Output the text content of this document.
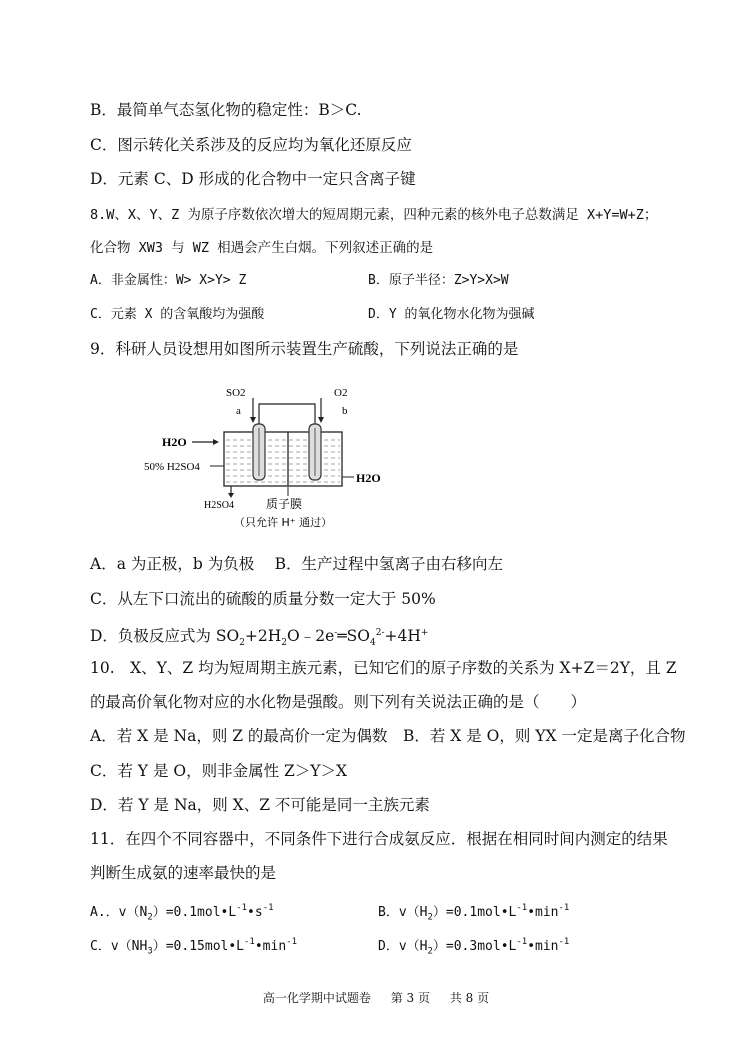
B．最简单气态氢化物的稳定性：B＞C.
C．图示转化关系涉及的反应均为氧化还原反应
D．元素 C、D 形成的化合物中一定只含离子键
8.W、X、Y、Z 为原子序数依次增大的短周期元素，四种元素的核外电子总数满足 X+Y=W+Z；
化合物 XW3 与 WZ 相遇会产生白烟。下列叙述正确的是
A．非金属性：W> X>Y> Z	B．原子半径：Z>Y>X>W
C．元素 X 的含氧酸均为强酸	D．Y 的氧化物水化物为强碱
9．科研人员设想用如图所示装置生产硫酸，下列说法正确的是
SO2	O2
a	b
H2O
50% H2SO4
H2O
H2SO4	质子膜
（只允许 H⁺ 通过）
A．a 为正极，b 为负极　 B．生产过程中氢离子由右移向左
C．从左下口流出的硫酸的质量分数一定大于 50%
D．负极反应式为 $SO_2+2H_2O﹣2e^-═SO_4^{2-}+4H^+$
10.　X、Y、Z 均为短周期主族元素，已知它们的原子序数的关系为 X+Z＝2Y，且 Z
的最高价氧化物对应的水化物是强酸。则下列有关说法正确的是（　　）
A．若 X 是 Na，则 Z 的最高价一定为偶数　B．若 X 是 O，则 YX 一定是离子化合物
C．若 Y 是 O，则非金属性 Z＞Y＞X
D．若 Y 是 Na，则 X、Z 不可能是同一主族元素
11．在四个不同容器中，不同条件下进行合成氨反应．根据在相同时间内测定的结果
判断生成氨的速率最快的是
A.．$v(N_2)=0.1mol•L^{-1}•s^{-1}$	B．$v(H_2)=0.1mol•L^{-1}•\min^{-1}$
C．$v(NH_3)=0.15mol•L^{-1}•\min^{-1}$	D．$v(H_2)=0.3mol•L^{-1}•\min^{-1}$
高一化学期中试题卷 第 3 页 共 8 页
